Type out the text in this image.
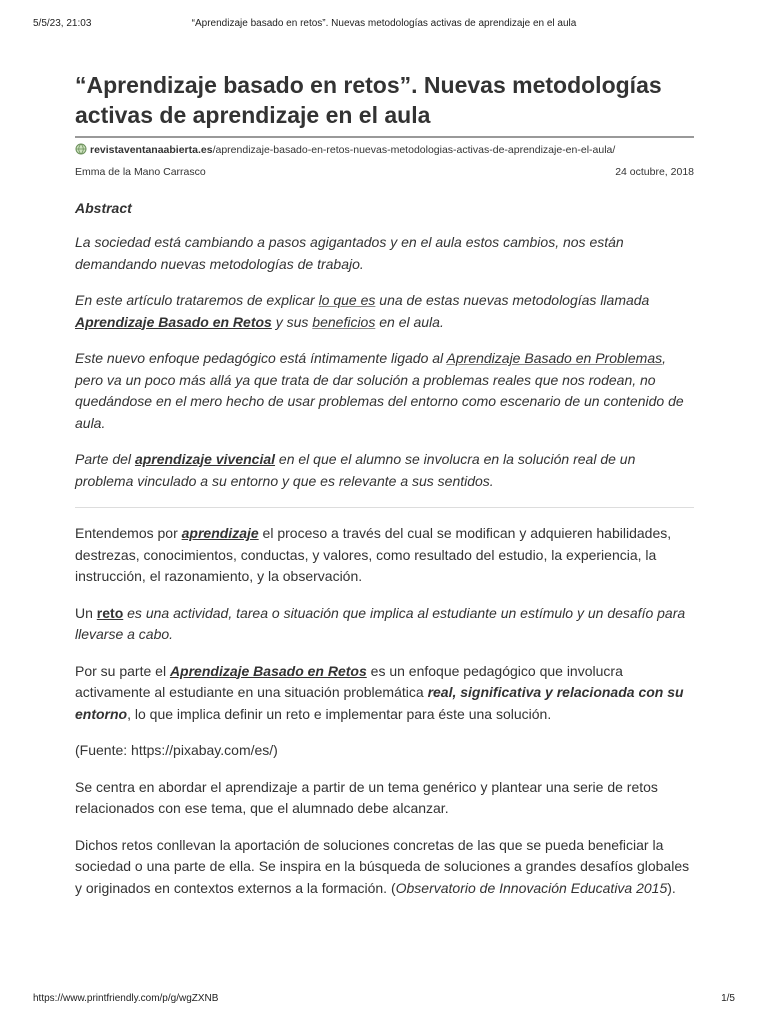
5/5/23, 21:03	“Aprendizaje basado en retos”. Nuevas metodologías activas de aprendizaje en el aula
“Aprendizaje basado en retos”. Nuevas metodologías activas de aprendizaje en el aula
revistaventanaabierta.es/aprendizaje-basado-en-retos-nuevas-metodologias-activas-de-aprendizaje-en-el-aula/
Emma de la Mano Carrasco	24 octubre, 2018
Abstract

La sociedad está cambiando a pasos agigantados y en el aula estos cambios, nos están demandando nuevas metodologías de trabajo.

En este artículo trataremos de explicar lo que es una de estas nuevas metodologías llamada Aprendizaje Basado en Retos y sus beneficios en el aula.

Este nuevo enfoque pedagógico está íntimamente ligado al Aprendizaje Basado en Problemas, pero va un poco más allá ya que trata de dar solución a problemas reales que nos rodean, no quedándose en el mero hecho de usar problemas del entorno como escenario de un contenido de aula.

Parte del aprendizaje vivencial en el que el alumno se involucra en la solución real de un problema vinculado a su entorno y que es relevante a sus sentidos.

Entendemos por aprendizaje el proceso a través del cual se modifican y adquieren habilidades, destrezas, conocimientos, conductas, y valores, como resultado del estudio, la experiencia, la instrucción, el razonamiento, y la observación.

Un reto es una actividad, tarea o situación que implica al estudiante un estímulo y un desafío para llevarse a cabo.

Por su parte el Aprendizaje Basado en Retos es un enfoque pedagógico que involucra activamente al estudiante en una situación problemática real, significativa y relacionada con su entorno, lo que implica definir un reto e implementar para éste una solución.

(Fuente: https://pixabay.com/es/)

Se centra en abordar el aprendizaje a partir de un tema genérico y plantear una serie de retos relacionados con ese tema, que el alumnado debe alcanzar.

Dichos retos conllevan la aportación de soluciones concretas de las que se pueda beneficiar la sociedad o una parte de ella. Se inspira en la búsqueda de soluciones a grandes desafíos globales y originados en contextos externos a la formación. (Observatorio de Innovación Educativa 2015).

https://www.printfriendly.com/p/g/wgZXNB	1/5
